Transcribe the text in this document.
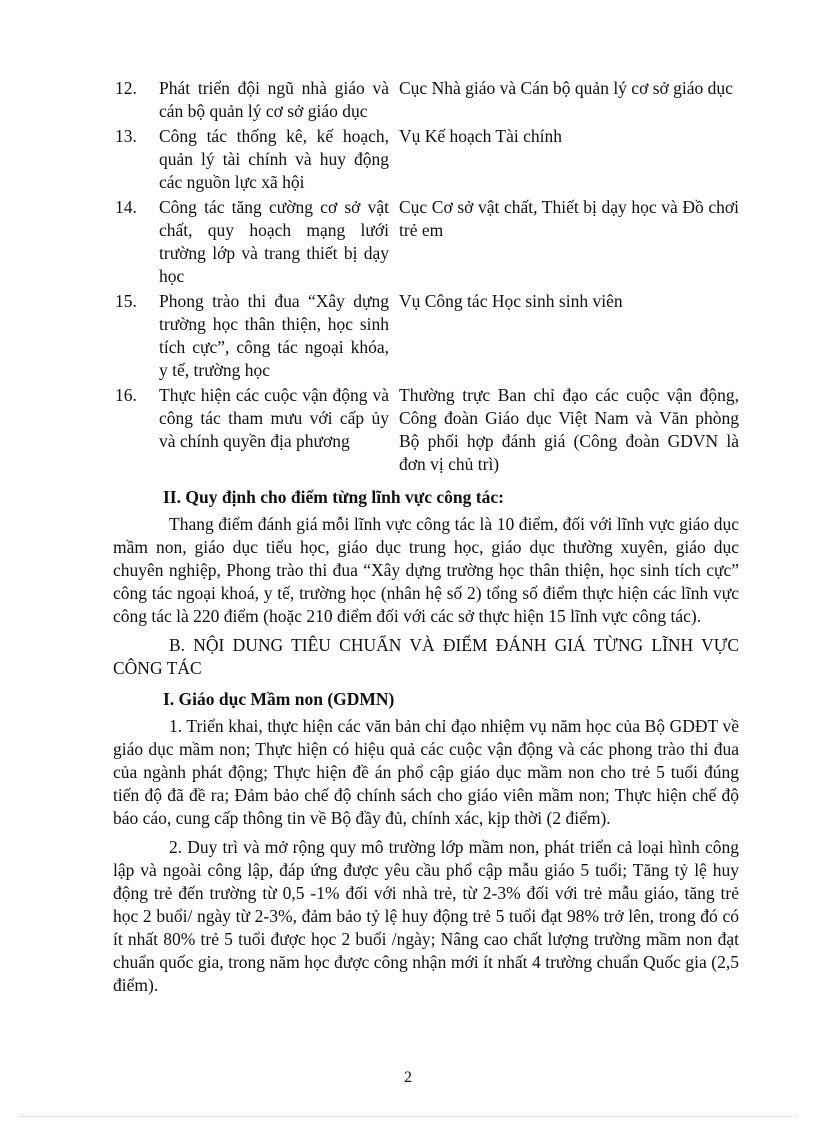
12.	Phát triển đội ngũ nhà giáo và cán bộ quản lý cơ sở giáo dục	Cục Nhà giáo và Cán bộ quản lý cơ sở giáo dục
13.	Công tác thống kê, kế hoạch, quản lý tài chính và huy động các nguồn lực xã hội	Vụ Kế hoạch Tài chính
14.	Công tác tăng cường cơ sở vật chất, quy hoạch mạng lưới trường lớp và trang thiết bị dạy học	Cục Cơ sở vật chất, Thiết bị dạy học và Đồ chơi trẻ em
15.	Phong trào thi đua “Xây dựng trường học thân thiện, học sinh tích cực”, công tác ngoại khóa, y tế, trường học	Vụ Công tác Học sinh sinh viên
16.	Thực hiện các cuộc vận động và công tác tham mưu với cấp ủy và chính quyền địa phương	Thường trực Ban chỉ đạo các cuộc vận động, Công đoàn Giáo dục Việt Nam và Văn phòng Bộ phối hợp đánh giá (Công đoàn GDVN là đơn vị chủ trì)
II. Quy định cho điểm từng lĩnh vực công tác:

Thang điểm đánh giá mỗi lĩnh vực công tác là 10 điểm, đối với lĩnh vực giáo dục mầm non, giáo dục tiểu học, giáo dục trung học, giáo dục thường xuyên, giáo dục chuyên nghiệp, Phong trào thi đua “Xây dựng trường học thân thiện, học sinh tích cực” công tác ngoại khoá, y tế, trường học (nhân hệ số 2) tổng số điểm thực hiện các lĩnh vực công tác là 220 điểm (hoặc 210 điểm đối với các sở thực hiện 15 lĩnh vực công tác).

B. NỘI DUNG TIÊU CHUẨN VÀ ĐIỂM ĐÁNH GIÁ TỪNG LĨNH VỰC CÔNG TÁC

I. Giáo dục Mầm non (GDMN)

1. Triển khai, thực hiện các văn bản chỉ đạo nhiệm vụ năm học của Bộ GDĐT về giáo dục mầm non; Thực hiện có hiệu quả các cuộc vận động và các phong trào thi đua của ngành phát động; Thực hiện đề án phổ cập giáo dục mầm non cho trẻ 5 tuổi đúng tiến độ đã đề ra; Đảm bảo chế độ chính sách cho giáo viên mầm non; Thực hiện chế độ báo cáo, cung cấp thông tin về Bộ đầy đủ, chính xác, kịp thời (2 điểm).

2. Duy trì và mở rộng quy mô trường lớp mầm non, phát triển cả loại hình công lập và ngoài công lập, đáp ứng được yêu cầu phổ cập mẫu giáo 5 tuổi; Tăng tỷ lệ huy động trẻ đến trường từ 0,5 -1% đối với nhà trẻ, từ 2-3% đối với trẻ mẫu giáo, tăng trẻ học 2 buổi/ ngày từ 2-3%, đảm bảo tỷ lệ huy động trẻ 5 tuổi đạt 98% trở lên, trong đó có ít nhất 80% trẻ 5 tuổi được học 2 buổi /ngày; Nâng cao chất lượng trường mầm non đạt chuẩn quốc gia, trong năm học được công nhận mới ít nhất 4 trường chuẩn Quốc gia (2,5 điểm).

2
